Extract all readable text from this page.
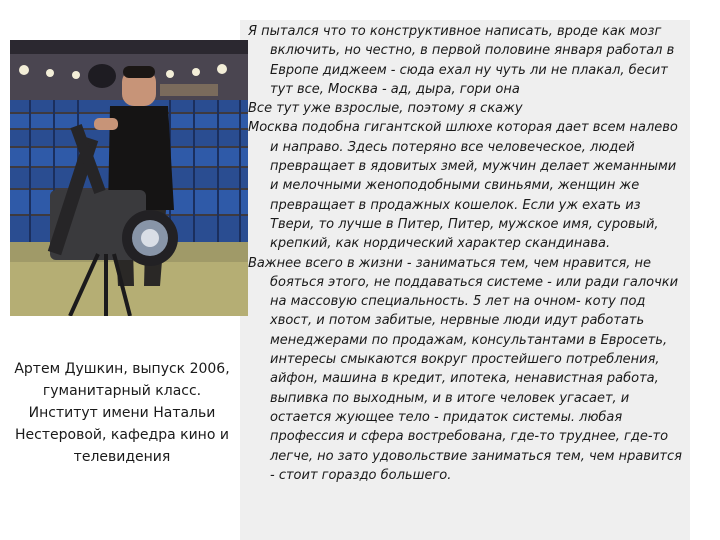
Артем Душкин, выпуск 2006, гуманитарный класс. Институт имени Натальи Нестеровой, кафедра кино и телевидения

Я пытался что то конструктивное написать, вроде как мозг включить, но честно, в первой половине января работал в Европе диджеем - сюда ехал ну чуть ли не плакал, бесит тут все, Москва - ад, дыра, гори она

Все тут уже взрослые, поэтому я скажу

Москва подобна гигантской шлюхе которая дает всем налево и направо. Здесь потеряно все человеческое, людей превращает в ядовитых змей, мужчин делает жеманными и мелочными женоподобными свиньями, женщин же превращает в продажных кошелок. Если уж ехать из Твери, то лучше в Питер, Питер, мужское имя, суровый, крепкий, как нордический характер скандинава.

Важнее всего в жизни - заниматься тем, чем нравится, не бояться этого, не поддаваться системе - или ради галочки на массовую специальность. 5 лет на очном- коту под хвост, и потом забитые, нервные люди идут работать менеджерами по продажам, консультантами в Евросеть, интересы смыкаются вокруг простейшего потребления, айфон, машина в кредит, ипотека, ненавистная работа, выпивка по выходным, и в итоге человек угасает, и остается жующее тело - придаток системы. любая профессия и сфера востребована, где-то труднее, где-то легче, но зато удовольствие заниматься тем, чем нравится - стоит гораздо большего.
